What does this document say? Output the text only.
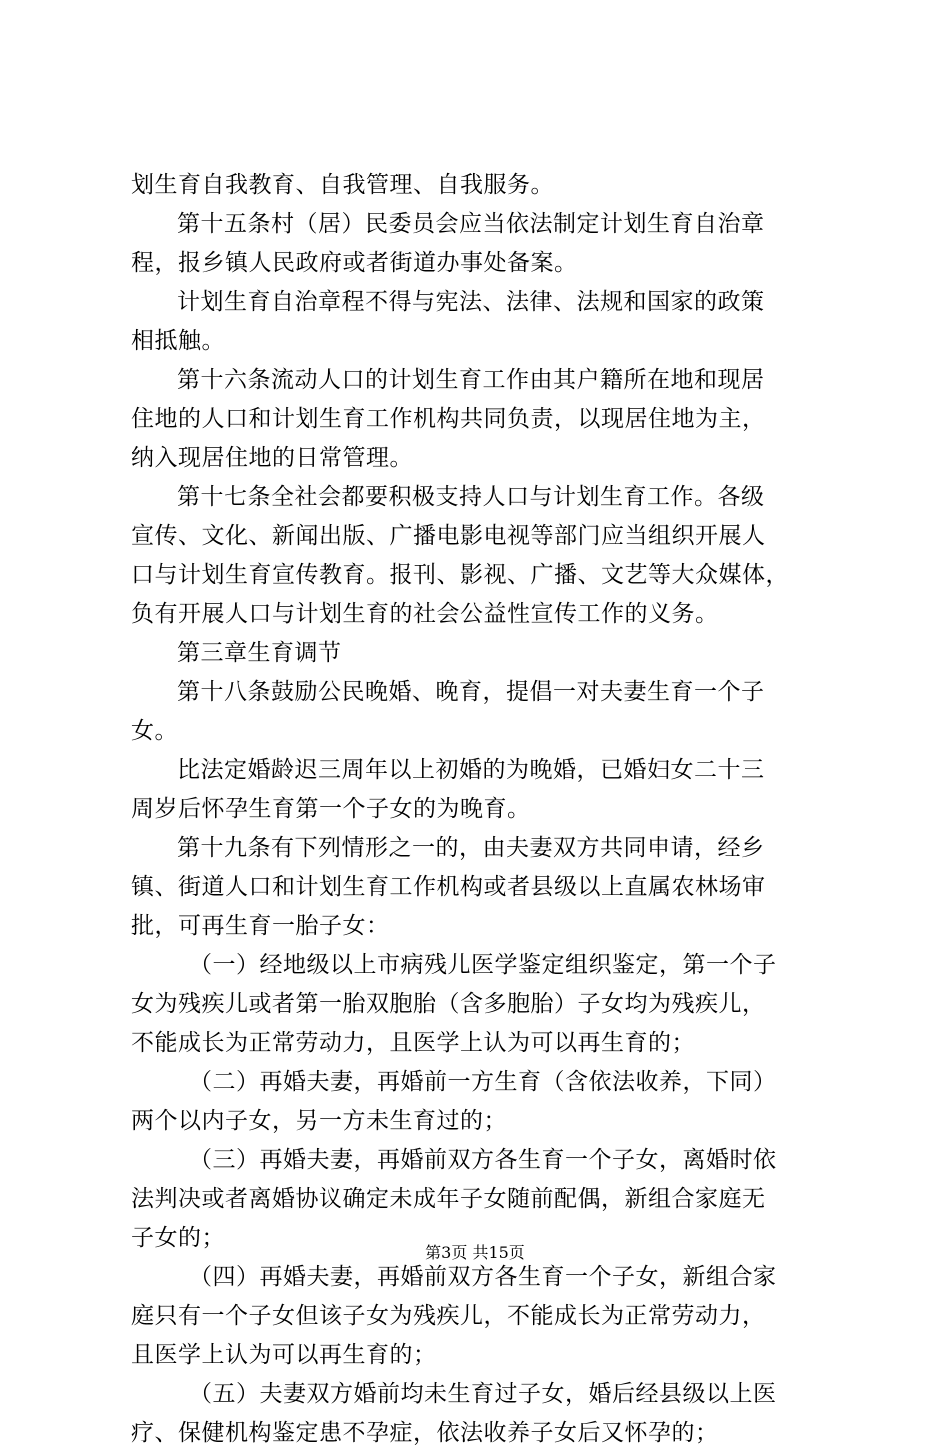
划生育自我教育、自我管理、自我服务。
第十五条村（居）民委员会应当依法制定计划生育自治章
程，报乡镇人民政府或者街道办事处备案。
计划生育自治章程不得与宪法、法律、法规和国家的政策
相抵触。
第十六条流动人口的计划生育工作由其户籍所在地和现居
住地的人口和计划生育工作机构共同负责，以现居住地为主，
纳入现居住地的日常管理。
第十七条全社会都要积极支持人口与计划生育工作。各级
宣传、文化、新闻出版、广播电影电视等部门应当组织开展人
口与计划生育宣传教育。报刊、影视、广播、文艺等大众媒体，
负有开展人口与计划生育的社会公益性宣传工作的义务。
第三章生育调节
第十八条鼓励公民晚婚、晚育，提倡一对夫妻生育一个子
女。
比法定婚龄迟三周年以上初婚的为晚婚，已婚妇女二十三
周岁后怀孕生育第一个子女的为晚育。
第十九条有下列情形之一的，由夫妻双方共同申请，经乡
镇、街道人口和计划生育工作机构或者县级以上直属农林场审
批，可再生育一胎子女：
（一）经地级以上市病残儿医学鉴定组织鉴定，第一个子
女为残疾儿或者第一胎双胞胎（含多胞胎）子女均为残疾儿，
不能成长为正常劳动力，且医学上认为可以再生育的；
（二）再婚夫妻，再婚前一方生育（含依法收养，下同）
两个以内子女，另一方未生育过的；
（三）再婚夫妻，再婚前双方各生育一个子女，离婚时依
法判决或者离婚协议确定未成年子女随前配偶，新组合家庭无
子女的；
（四）再婚夫妻，再婚前双方各生育一个子女，新组合家
庭只有一个子女但该子女为残疾儿，不能成长为正常劳动力，
且医学上认为可以再生育的；
（五）夫妻双方婚前均未生育过子女，婚后经县级以上医
疗、保健机构鉴定患不孕症，依法收养子女后又怀孕的；
第3页 共15页
